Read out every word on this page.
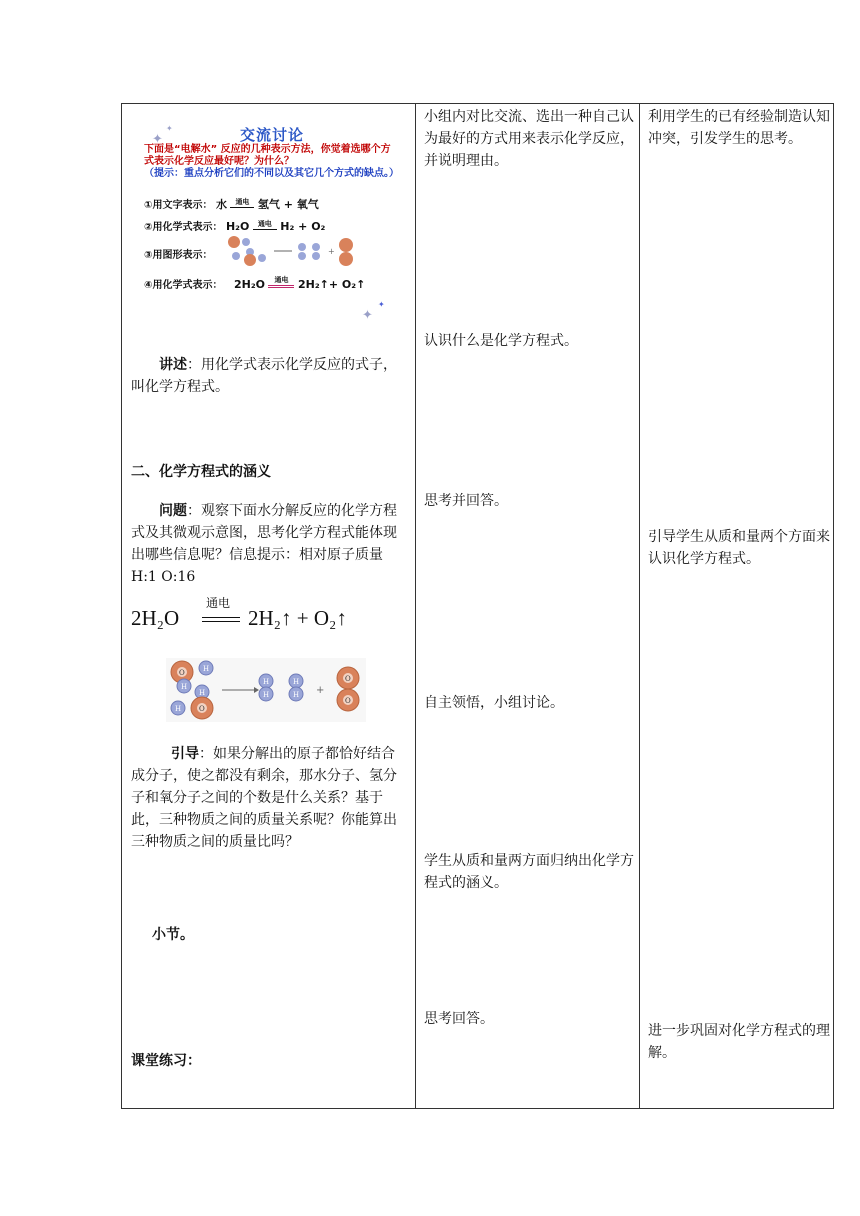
✦
✦
✦
✦
交流讨论
下面是“电解水” 反应的几种表示方法，你觉着选哪个方式表示化学反应最好呢？为什么？
（提示：重点分析它们的不同以及其它几个方式的缺点。）
①用文字表示： 水 通电 氢气 + 氧气
②用化学式表示： H₂O 通电 H₂ + O₂
③用图形表示：	+
④用化学式表示： 2H₂O 通电 2H₂↑+ O₂↑
讲述：用化学式表示化学反应的式子，叫化学方程式。
二、化学方程式的涵义
问题：观察下面水分解反应的化学方程式及其微观示意图，思考化学方程式能体现出哪些信息呢？信息提示：相对原子质量 H:1 O:16
2H₂O
通电
2H₂↑ + O₂↑
O	H
H
H
O
H
H
H
H
H +
O
O
引导：如果分解出的原子都恰好结合成分子，使之都没有剩余，那水分子、氢分子和氧分子之间的个数是什么关系？基于此，三种物质之间的质量关系呢？你能算出三种物质之间的质量比吗？
小节。
课堂练习：
小组内对比交流、选出一种自己认为最好的方式用来表示化学反应，并说明理由。
认识什么是化学方程式。
思考并回答。
自主领悟，小组讨论。
学生从质和量两方面归纳出化学方程式的涵义。
思考回答。
利用学生的已有经验制造认知冲突，引发学生的思考。
引导学生从质和量两个方面来认识化学方程式。
进一步巩固对化学方程式的理解。
